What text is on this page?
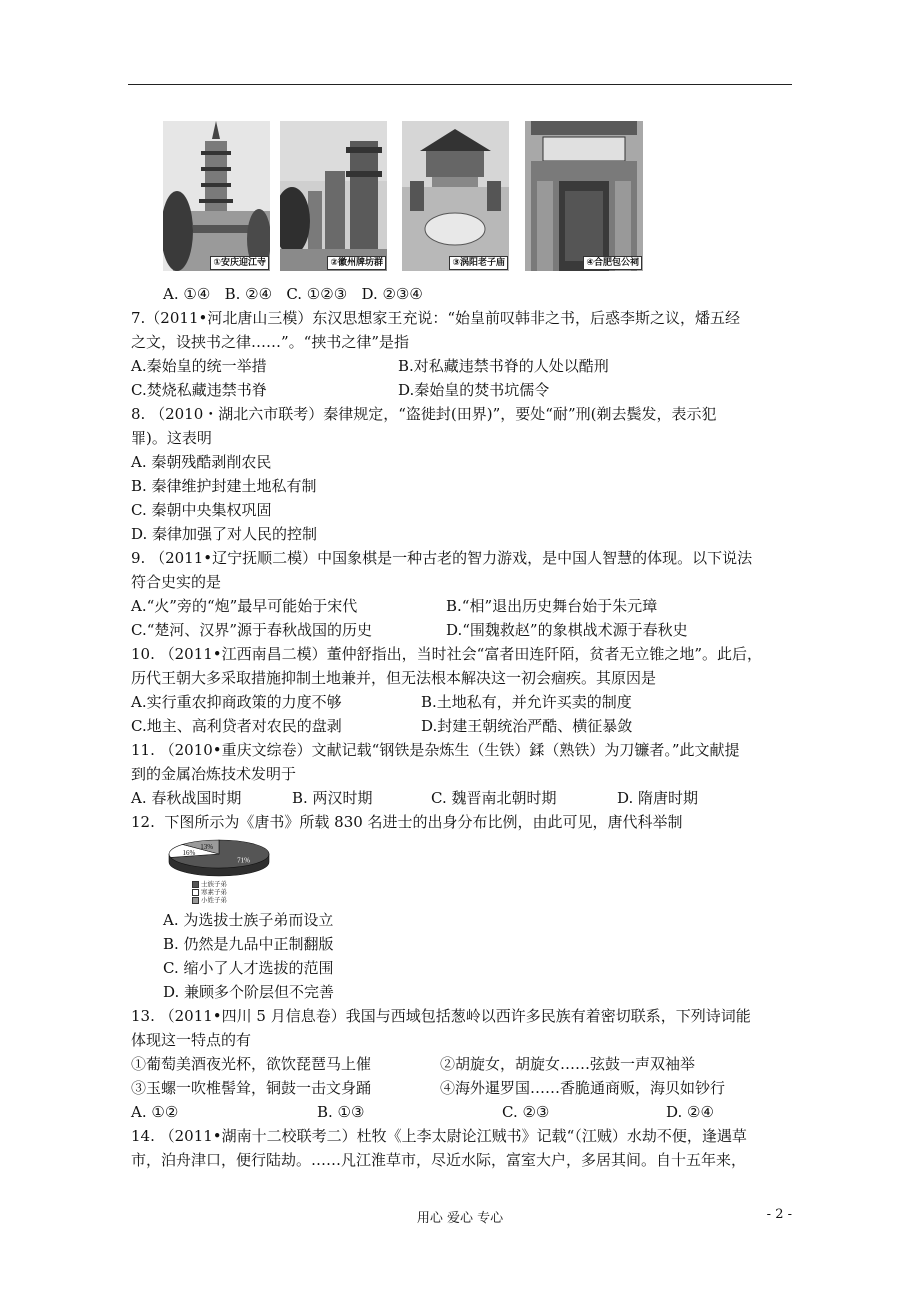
①安庆迎江寺	②徽州牌坊群	③涡阳老子庙	④合肥包公祠
A. ①④   B. ②④   C. ①②③   D. ②③④
7.（2011•河北唐山三模）东汉思想家王充说：“始皇前叹韩非之书，后惑李斯之议，燔五经
之文，设挟书之律……”。“挟书之律”是指
A.秦始皇的统一举措	B.对私藏违禁书脊的人处以酷刑
C.焚烧私藏违禁书脊	D.秦始皇的焚书坑儒令
8. （2010・湖北六市联考）秦律规定，“盗徙封(田界)”，要处“耐”刑(剃去鬓发，表示犯
罪)。这表明
A. 秦朝残酷剥削农民
B. 秦律维护封建土地私有制
C. 秦朝中央集权巩固
D. 秦律加强了对人民的控制
9. （2011•辽宁抚顺二模）中国象棋是一种古老的智力游戏，是中国人智慧的体现。以下说法
符合史实的是
A.“火”旁的“炮”最早可能始于宋代	B.“相”退出历史舞台始于朱元璋
C.“楚河、汉界”源于春秋战国的历史	D.“围魏救赵”的象棋战术源于春秋史
10. （2011•江西南昌二模）董仲舒指出，当时社会“富者田连阡陌，贫者无立锥之地”。此后，
历代王朝大多采取措施抑制土地兼并，但无法根本解决这一初会痼疾。其原因是
A.实行重农抑商政策的力度不够	B.土地私有，并允许买卖的制度
C.地主、高利贷者对农民的盘剥	D.封建王朝统治严酷、横征暴敛
11. （2010•重庆文综卷）文献记载“钢铁是杂炼生（生铁）鍒（熟铁）为刀镰者。”此文献提
到的金属冶炼技术发明于
A. 春秋战国时期	B. 两汉时期	C. 魏晋南北朝时期	D. 隋唐时期
12.  下图所示为《唐书》所载 830 名进士的出身分布比例，由此可见，唐代科举制
71%
16%
13%
士族子弟
寒素子弟
小姓子弟
A. 为选拔士族子弟而设立
B. 仍然是九品中正制翻版
C. 缩小了人才选拔的范围
D. 兼顾多个阶层但不完善
13. （2011•四川 5 月信息卷）我国与西域包括葱岭以西许多民族有着密切联系，下列诗词能
体现这一特点的有
①葡萄美酒夜光杯，欲饮琵琶马上催	②胡旋女，胡旋女……弦鼓一声双袖举
③玉螺一吹椎髻耸，铜鼓一击文身踊	④海外暹罗国……香脆通商贩，海贝如钞行
A. ①②	B. ①③	C. ②③	D. ②④
14. （2011•湖南十二校联考二）杜牧《上李太尉论江贼书》记载“（江贼）水劫不便，逢遇草
市，泊舟津口，便行陆劫。……凡江淮草市，尽近水际，富室大户，多居其间。自十五年来，
用心 爱心 专心	- 2 -
